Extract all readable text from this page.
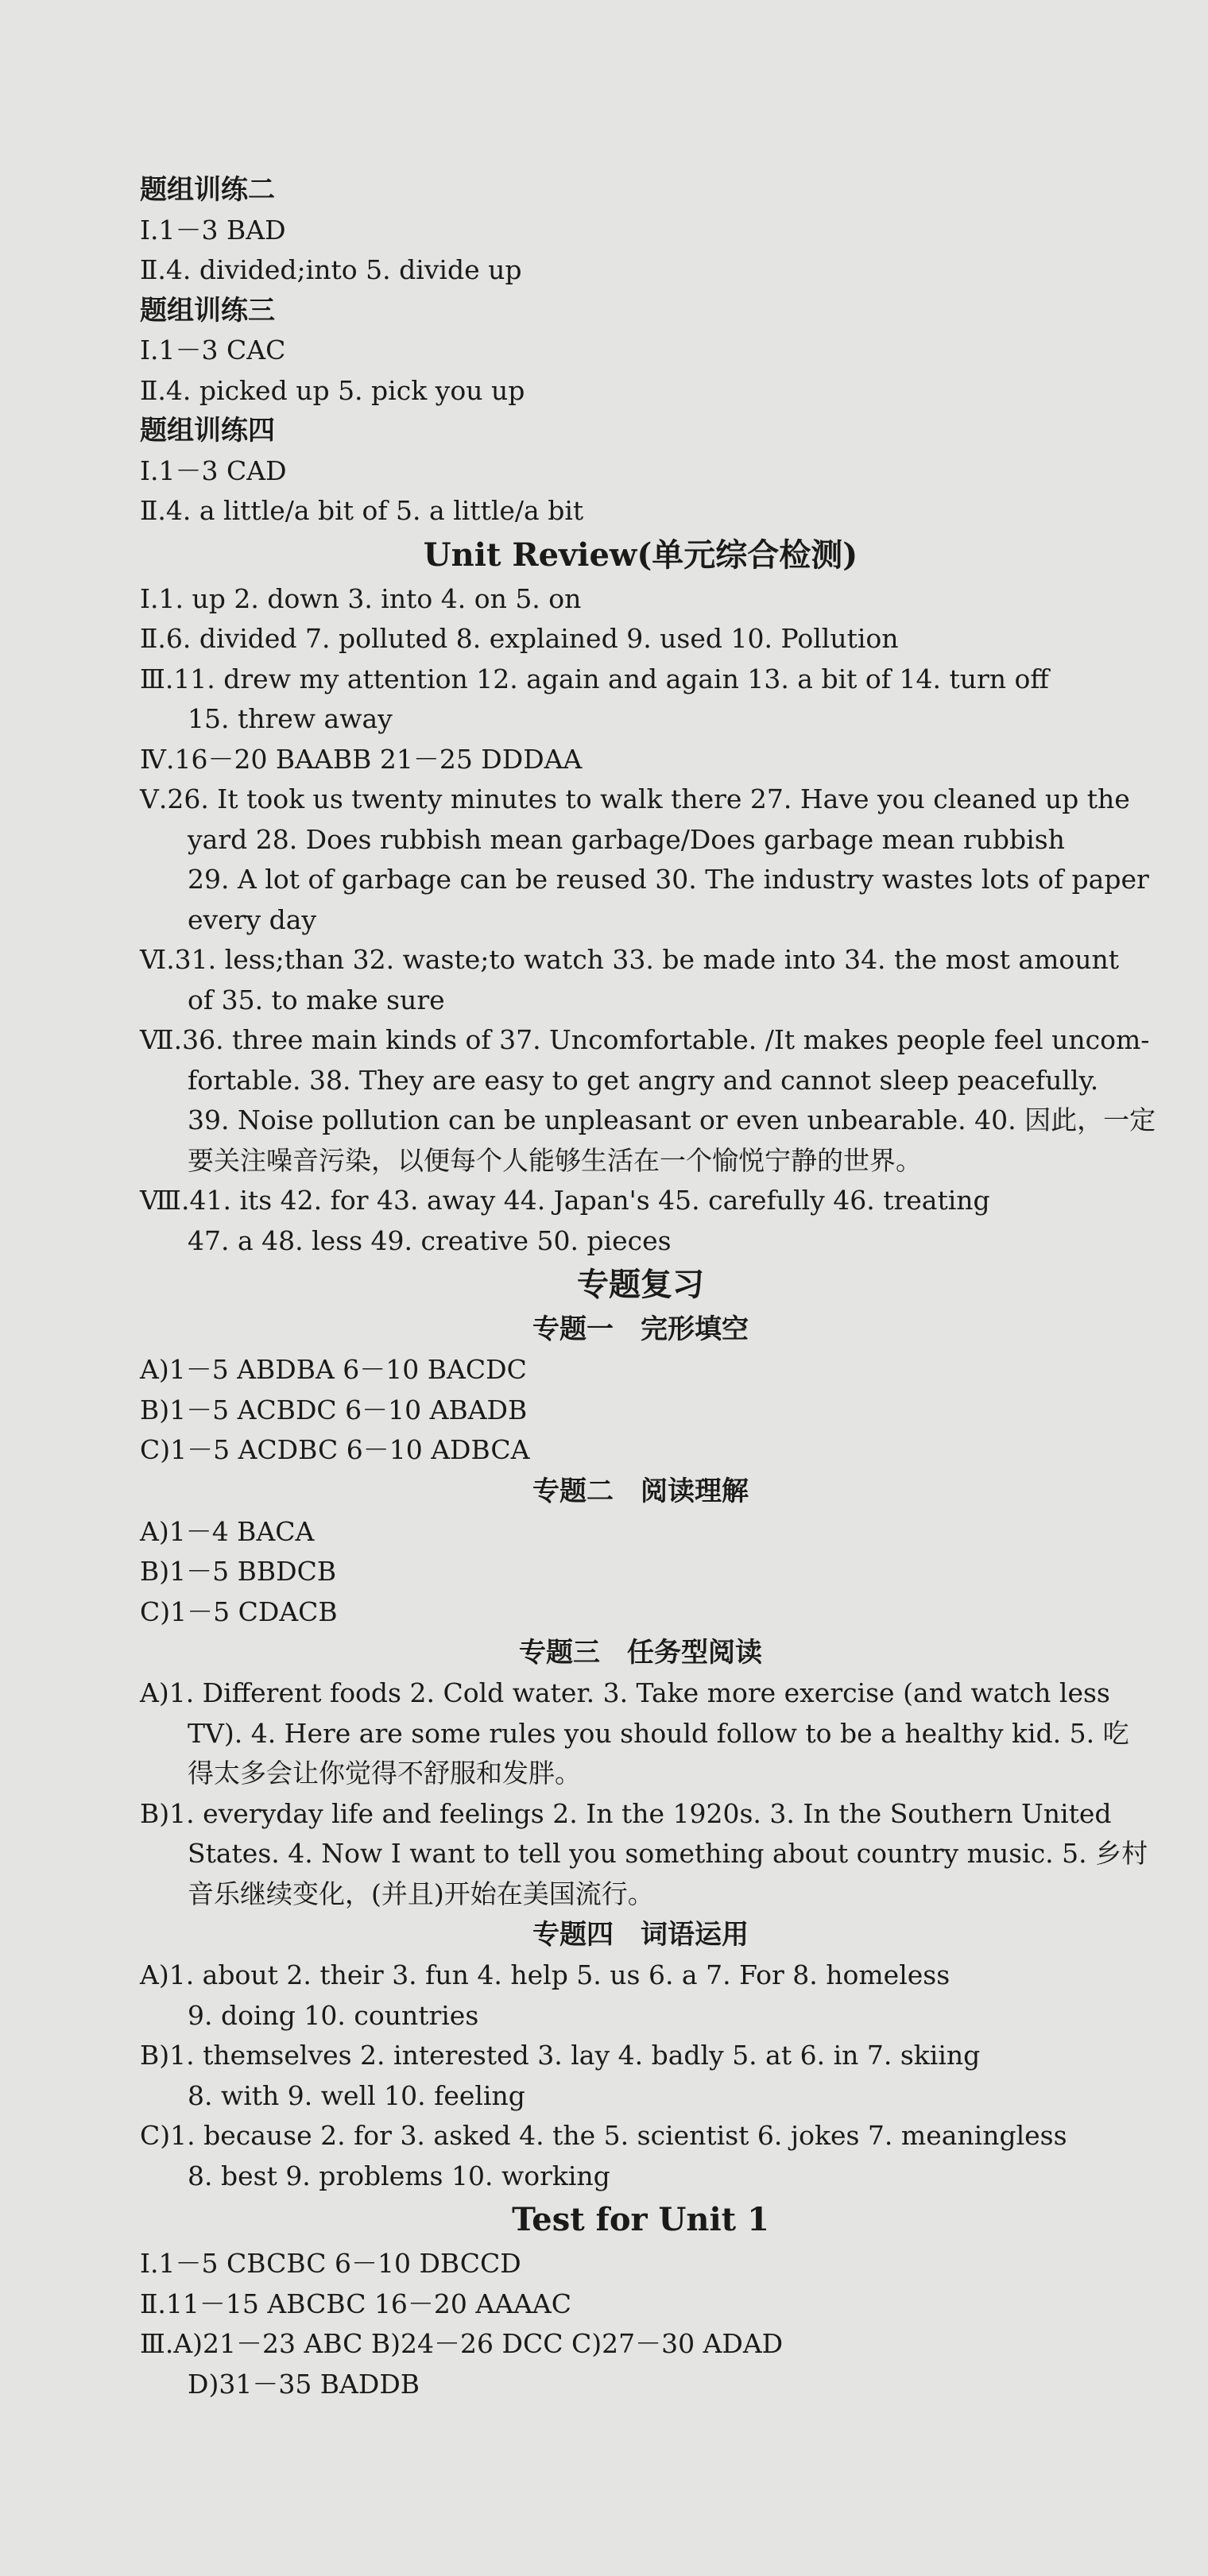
题组训练二
Ⅰ.1－3 BAD
Ⅱ.4. divided;into 5. divide up
题组训练三
Ⅰ.1－3 CAC
Ⅱ.4. picked up 5. pick you up
题组训练四
Ⅰ.1－3 CAD
Ⅱ.4. a little/a bit of 5. a little/a bit
Unit Review(单元综合检测)
Ⅰ.1. up 2. down 3. into 4. on 5. on
Ⅱ.6. divided 7. polluted 8. explained 9. used 10. Pollution
Ⅲ.11. drew my attention 12. again and again 13. a bit of 14. turn off
15. threw away
Ⅳ.16－20 BAABB 21－25 DDDAA
Ⅴ.26. It took us twenty minutes to walk there 27. Have you cleaned up the
yard 28. Does rubbish mean garbage/Does garbage mean rubbish
29. A lot of garbage can be reused 30. The industry wastes lots of paper
every day
Ⅵ.31. less;than 32. waste;to watch 33. be made into 34. the most amount
of 35. to make sure
Ⅶ.36. three main kinds of 37. Uncomfortable. /It makes people feel uncom-
fortable. 38. They are easy to get angry and cannot sleep peacefully.
39. Noise pollution can be unpleasant or even unbearable. 40. 因此，一定
要关注噪音污染，以便每个人能够生活在一个愉悦宁静的世界。
Ⅷ.41. its 42. for 43. away 44. Japan's 45. carefully 46. treating
47. a 48. less 49. creative 50. pieces
专题复习
专题一　完形填空
A)1－5 ABDBA 6－10 BACDC
B)1－5 ACBDC 6－10 ABADB
C)1－5 ACDBC 6－10 ADBCA
专题二　阅读理解
A)1－4 BACA
B)1－5 BBDCB
C)1－5 CDACB
专题三　任务型阅读
A)1. Different foods 2. Cold water. 3. Take more exercise (and watch less
TV). 4. Here are some rules you should follow to be a healthy kid. 5. 吃
得太多会让你觉得不舒服和发胖。
B)1. everyday life and feelings 2. In the 1920s. 3. In the Southern United
States. 4. Now I want to tell you something about country music. 5. 乡村
音乐继续变化，(并且)开始在美国流行。
专题四　词语运用
A)1. about 2. their 3. fun 4. help 5. us 6. a 7. For 8. homeless
9. doing 10. countries
B)1. themselves 2. interested 3. lay 4. badly 5. at 6. in 7. skiing
8. with 9. well 10. feeling
C)1. because 2. for 3. asked 4. the 5. scientist 6. jokes 7. meaningless
8. best 9. problems 10. working
Test for Unit 1
Ⅰ.1－5 CBCBC 6－10 DBCCD
Ⅱ.11－15 ABCBC 16－20 AAAAC
Ⅲ.A)21－23 ABC B)24－26 DCC C)27－30 ADAD
D)31－35 BADDB
